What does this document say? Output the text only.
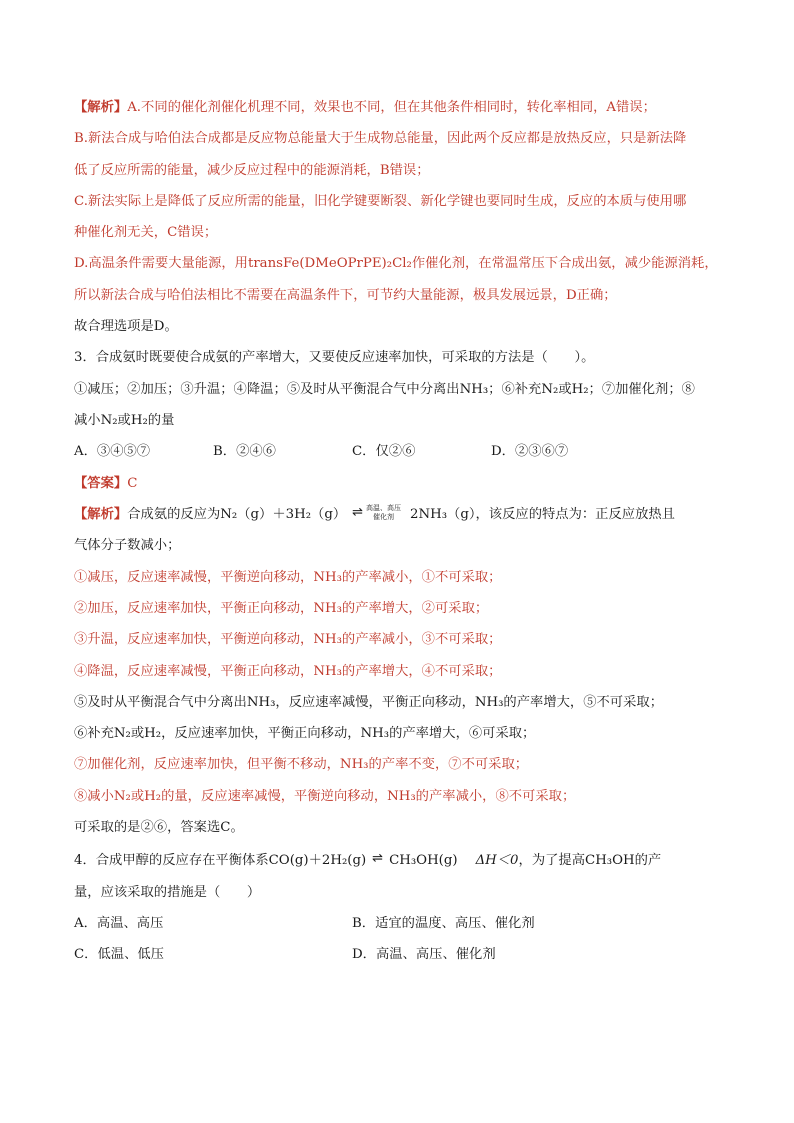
【解析】A.不同的催化剂催化机理不同，效果也不同，但在其他条件相同时，转化率相同，A错误；
B.新法合成与哈伯法合成都是反应物总能量大于生成物总能量，因此两个反应都是放热反应，只是新法降
低了反应所需的能量，减少反应过程中的能源消耗，B错误；
C.新法实际上是降低了反应所需的能量，旧化学键要断裂、新化学键也要同时生成，反应的本质与使用哪
种催化剂无关，C错误；
D.高温条件需要大量能源，用transFe(DMeOPrPE)₂Cl₂作催化剂，在常温常压下合成出氨，减少能源消耗，
所以新法合成与哈伯法相比不需要在高温条件下，可节约大量能源，极具发展远景，D正确；
故合理选项是D。
3．合成氨时既要使合成氨的产率增大，又要使反应速率加快，可采取的方法是（　　）。
①减压；②加压；③升温；④降温；⑤及时从平衡混合气中分离出NH₃；⑥补充N₂或H₂；⑦加催化剂；⑧
减小N₂或H₂的量
A．③④⑤⑦	B．②④⑥	C．仅②⑥	D．②③⑥⑦
【答案】C
【解析】合成氨的反应为N₂（g）＋3H₂（g） ⇌ 高温、高压
催化剂 2NH₃（g），该反应的特点为：正反应放热且
气体分子数减小；
①减压，反应速率减慢，平衡逆向移动，NH₃的产率减小，①不可采取；
②加压，反应速率加快，平衡正向移动，NH₃的产率增大，②可采取；
③升温，反应速率加快，平衡逆向移动，NH₃的产率减小，③不可采取；
④降温，反应速率减慢，平衡正向移动，NH₃的产率增大，④不可采取；
⑤及时从平衡混合气中分离出NH₃，反应速率减慢，平衡正向移动，NH₃的产率增大，⑤不可采取；
⑥补充N₂或H₂，反应速率加快，平衡正向移动，NH₃的产率增大，⑥可采取；
⑦加催化剂，反应速率加快，但平衡不移动，NH₃的产率不变，⑦不可采取；
⑧减小N₂或H₂的量，反应速率减慢，平衡逆向移动，NH₃的产率减小，⑧不可采取；
可采取的是②⑥，答案选C。
4．合成甲醇的反应存在平衡体系CO(g)＋2H₂(g) ⇌ CH₃OH(g) ΔH＜0，为了提高CH₃OH的产
量，应该采取的措施是（　　）
A．高温、高压	B．适宜的温度、高压、催化剂
C．低温、低压	D．高温、高压、催化剂
